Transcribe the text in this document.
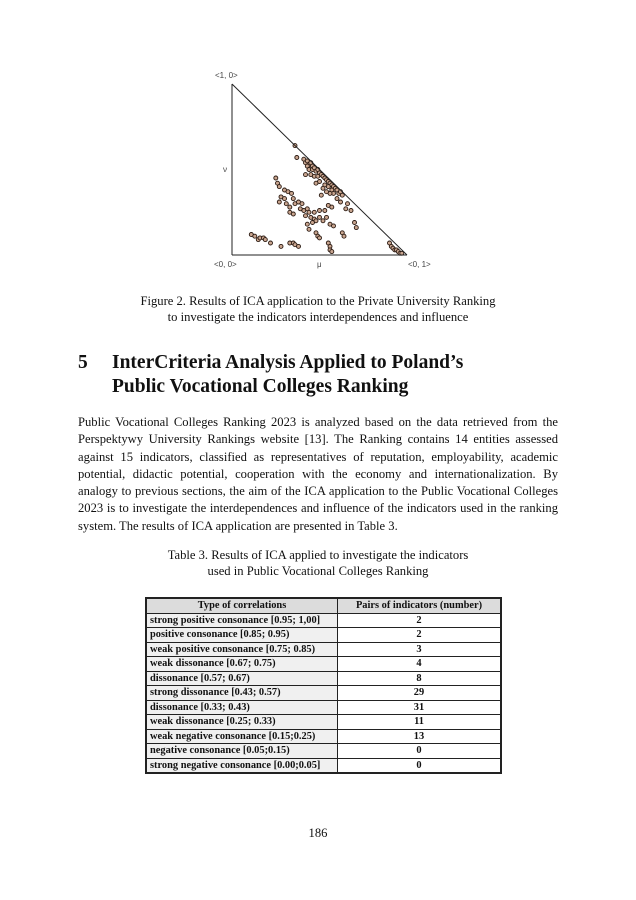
<1, 0>
<0, 0>	<0, 1>
ν
μ
Figure 2. Results of ICA application to the Private University Ranking
to investigate the indicators interdependences and influence
5	InterCriteria Analysis Applied to Poland’s
Public Vocational Colleges Ranking
Public Vocational Colleges Ranking 2023 is analyzed based on the data retrieved from the Perspektywy University Rankings website [13]. The Ranking contains 14 entities assessed against 15 indicators, classified as representatives of reputation, employability, academic potential, didactic potential, cooperation with the economy and internationalization. By analogy to previous sections, the aim of the ICA application to the Public Vocational Colleges 2023 is to investigate the interdependences and influence of the indicators used in the ranking system. The results of ICA application are presented in Table 3.
Table 3. Results of ICA applied to investigate the indicators
used in Public Vocational Colleges Ranking
Type of correlations	Pairs of indicators (number)
strong positive consonance [0.95; 1,00]	2
positive consonance [0.85; 0.95)	2
weak positive consonance [0.75; 0.85)	3
weak dissonance [0.67; 0.75)	4
dissonance [0.57; 0.67)	8
strong dissonance [0.43; 0.57)	29
dissonance [0.33; 0.43)	31
weak dissonance [0.25; 0.33)	11
weak negative consonance [0.15;0.25)	13
negative consonance [0.05;0.15)	0
strong negative consonance [0.00;0.05]	0
186
